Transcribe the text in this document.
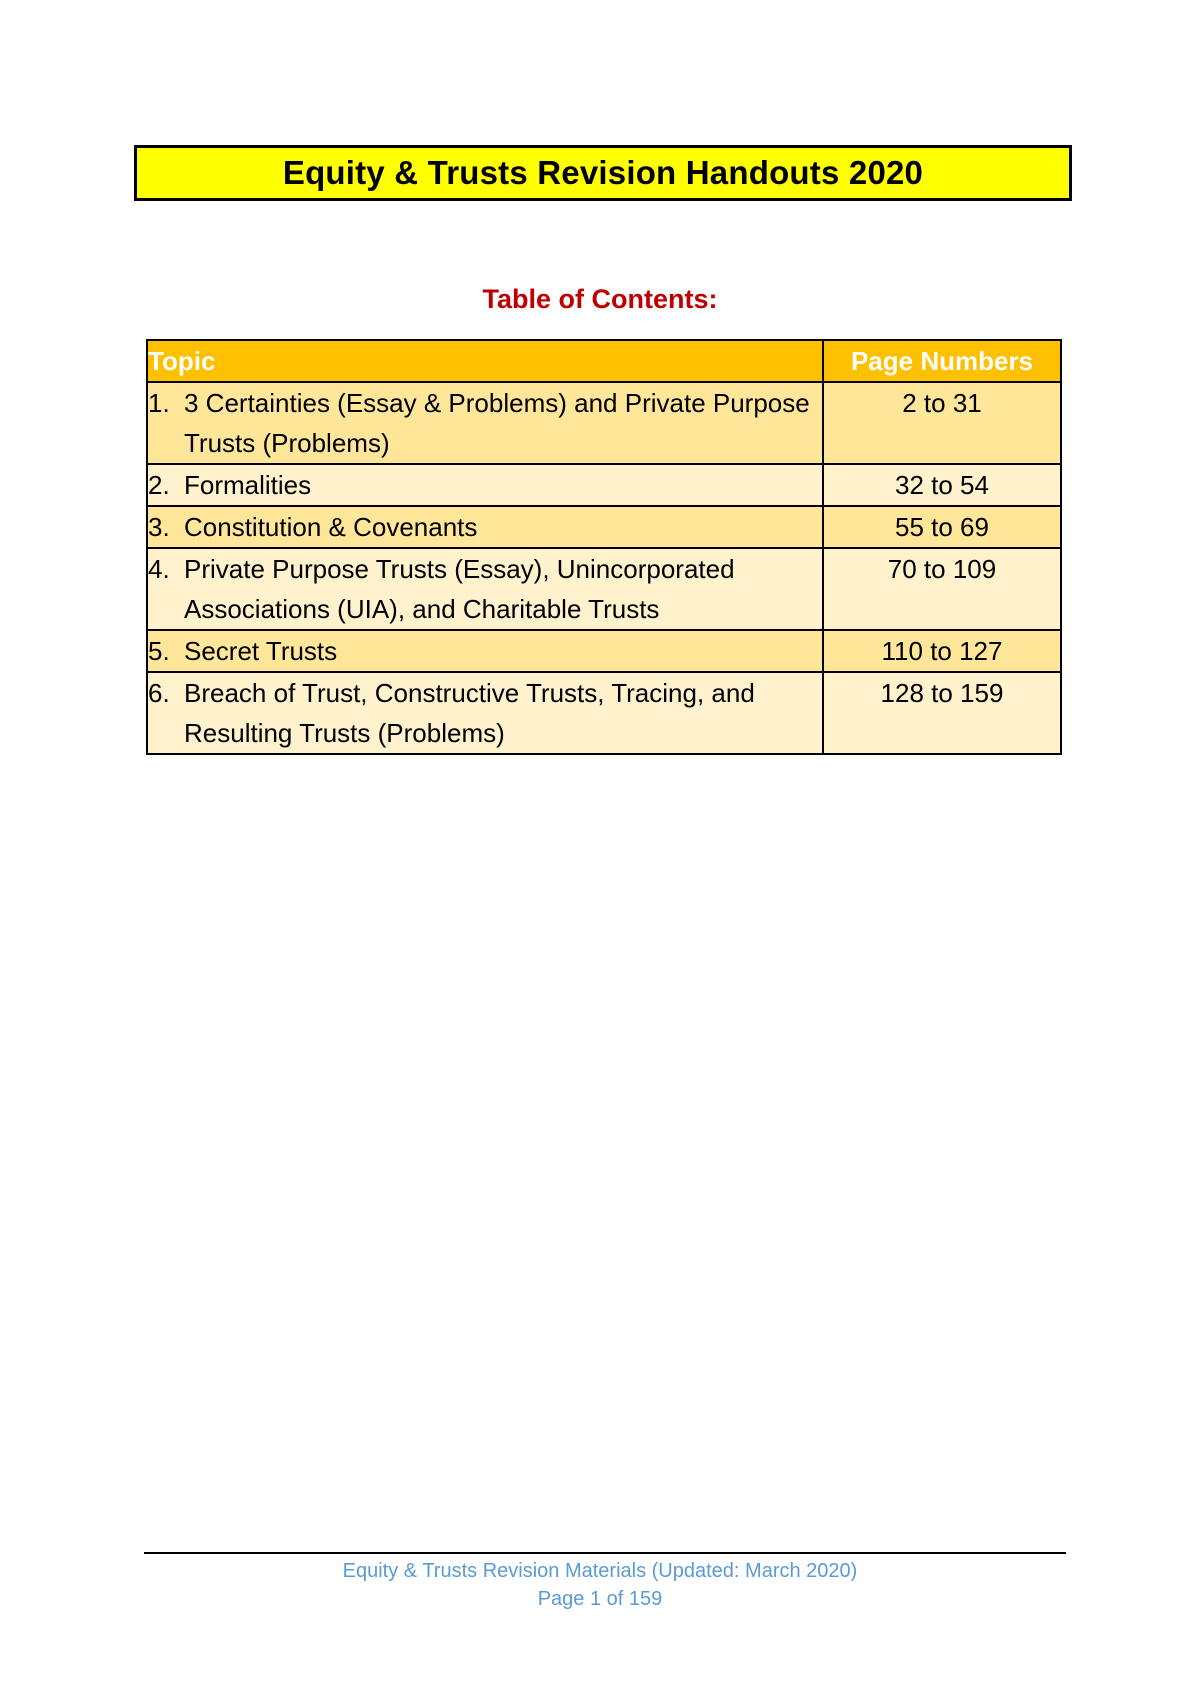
Equity & Trusts Revision Handouts 2020
Table of Contents:
Topic	Page Numbers

1. 3 Certainties (Essay & Problems) and Private Purpose Trusts (Problems)	2 to 31

2. Formalities	32 to 54

3. Constitution & Covenants	55 to 69

4. Private Purpose Trusts (Essay), Unincorporated Associations (UIA), and Charitable Trusts	70 to 109

5. Secret Trusts	110 to 127

6. Breach of Trust, Constructive Trusts, Tracing, and Resulting Trusts (Problems)	128 to 159
Equity & Trusts Revision Materials (Updated: March 2020)
Page 1 of 159
